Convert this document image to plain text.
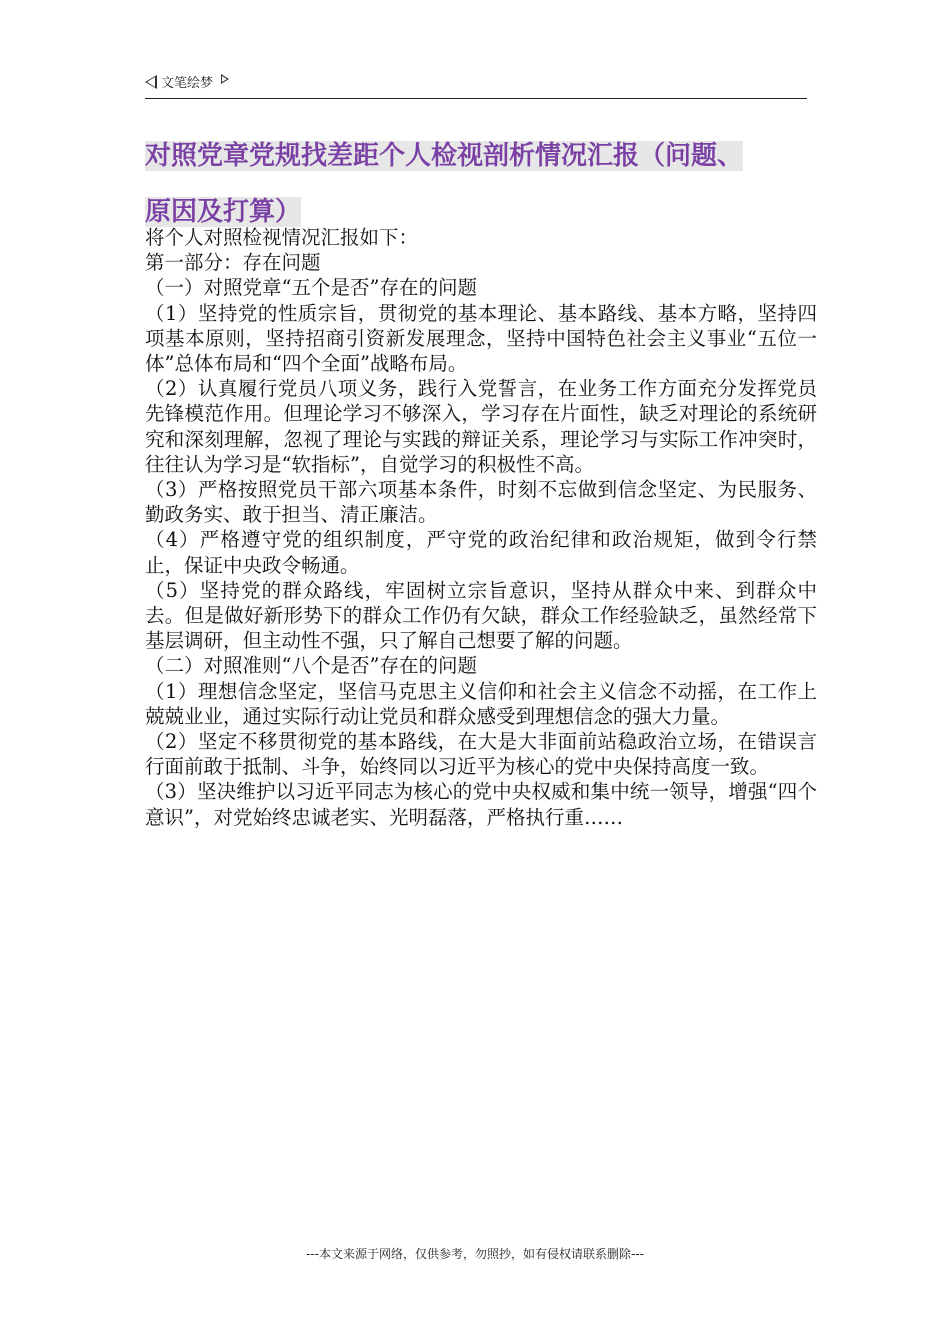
文笔绘梦
对照党章党规找差距个人检视剖析情况汇报（问题、
原因及打算）

将个人对照检视情况汇报如下：

第一部分：存在问题

（一）对照党章“五个是否”存在的问题

（1）坚持党的性质宗旨，贯彻党的基本理论、基本路线、基本方略，坚持四项基本原则，坚持招商引资新发展理念，坚持中国特色社会主义事业“五位一体”总体布局和“四个全面”战略布局。

（2）认真履行党员八项义务，践行入党誓言，在业务工作方面充分发挥党员先锋模范作用。但理论学习不够深入，学习存在片面性，缺乏对理论的系统研究和深刻理解，忽视了理论与实践的辩证关系，理论学习与实际工作冲突时，往往认为学习是“软指标”，自觉学习的积极性不高。

（3）严格按照党员干部六项基本条件，时刻不忘做到信念坚定、为民服务、勤政务实、敢于担当、清正廉洁。

（4）严格遵守党的组织制度，严守党的政治纪律和政治规矩，做到令行禁止，保证中央政令畅通。

（5）坚持党的群众路线，牢固树立宗旨意识，坚持从群众中来、到群众中去。但是做好新形势下的群众工作仍有欠缺，群众工作经验缺乏，虽然经常下基层调研，但主动性不强，只了解自己想要了解的问题。

（二）对照准则“八个是否”存在的问题

（1）理想信念坚定，坚信马克思主义信仰和社会主义信念不动摇，在工作上兢兢业业，通过实际行动让党员和群众感受到理想信念的强大力量。

（2）坚定不移贯彻党的基本路线，在大是大非面前站稳政治立场，在错误言行面前敢于抵制、斗争，始终同以习近平为核心的党中央保持高度一致。

（3）坚决维护以习近平同志为核心的党中央权威和集中统一领导，增强“四个意识”，对党始终忠诚老实、光明磊落，严格执行重……

---本文来源于网络，仅供参考，勿照抄，如有侵权请联系删除---
